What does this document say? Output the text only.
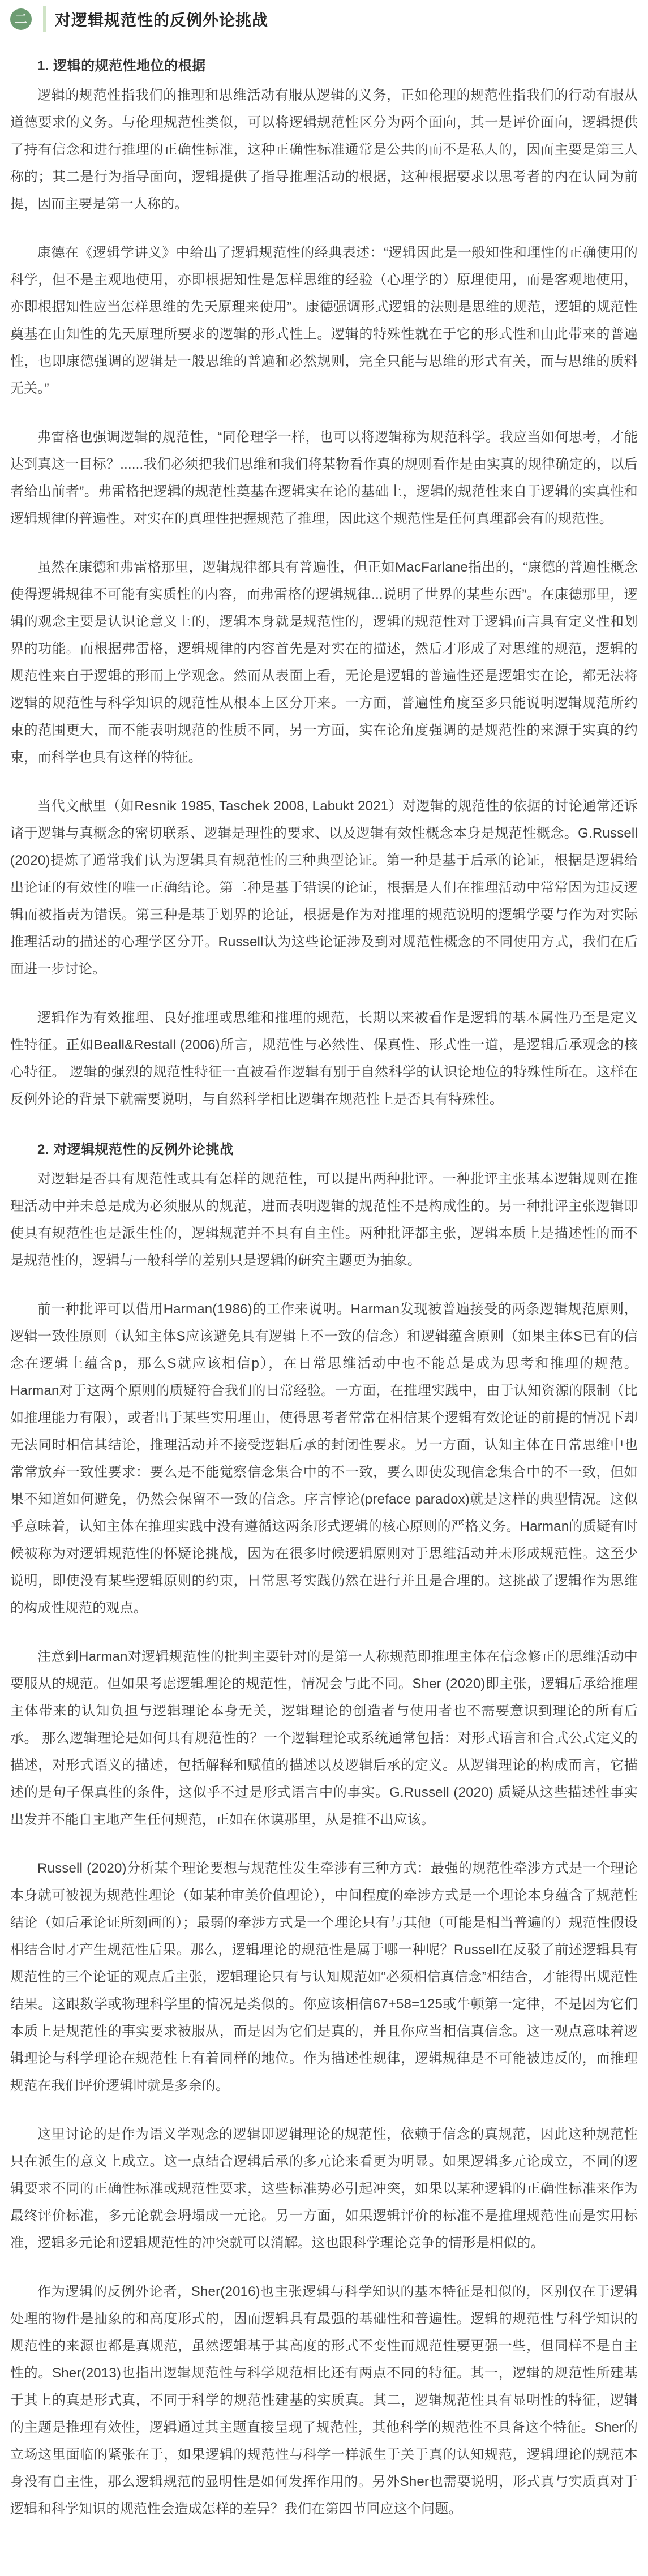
二 对逻辑规范性的反例外论挑战
1. 逻辑的规范性地位的根据

逻辑的规范性指我们的推理和思维活动有服从逻辑的义务，正如伦理的规范性指我们的行动有服从道德要求的义务。与伦理规范性类似，可以将逻辑规范性区分为两个面向，其一是评价面向，逻辑提供了持有信念和进行推理的正确性标准，这种正确性标准通常是公共的而不是私人的，因而主要是第三人称的；其二是行为指导面向，逻辑提供了指导推理活动的根据，这种根据要求以思考者的内在认同为前提，因而主要是第一人称的。

康德在《逻辑学讲义》中给出了逻辑规范性的经典表述：“逻辑因此是一般知性和理性的正确使用的科学，但不是主观地使用，亦即根据知性是怎样思维的经验（心理学的）原理使用，而是客观地使用，亦即根据知性应当怎样思维的先天原理来使用”。康德强调形式逻辑的法则是思维的规范，逻辑的规范性奠基在由知性的先天原理所要求的逻辑的形式性上。逻辑的特殊性就在于它的形式性和由此带来的普遍性，也即康德强调的逻辑是一般思维的普遍和必然规则，完全只能与思维的形式有关，而与思维的质料无关。”

弗雷格也强调逻辑的规范性，“同伦理学一样，也可以将逻辑称为规范科学。我应当如何思考，才能达到真这一目标？......我们必须把我们思维和我们将某物看作真的规则看作是由实真的规律确定的，以后者给出前者”。弗雷格把逻辑的规范性奠基在逻辑实在论的基础上，逻辑的规范性来自于逻辑的实真性和逻辑规律的普遍性。对实在的真理性把握规范了推理，因此这个规范性是任何真理都会有的规范性。

虽然在康德和弗雷格那里，逻辑规律都具有普遍性，但正如MacFarlane指出的，“康德的普遍性概念使得逻辑规律不可能有实质性的内容，而弗雷格的逻辑规律...说明了世界的某些东西”。在康德那里，逻辑的观念主要是认识论意义上的，逻辑本身就是规范性的，逻辑的规范性对于逻辑而言具有定义性和划界的功能。而根据弗雷格，逻辑规律的内容首先是对实在的描述，然后才形成了对思维的规范，逻辑的规范性来自于逻辑的形而上学观念。然而从表面上看，无论是逻辑的普遍性还是逻辑实在论，都无法将逻辑的规范性与科学知识的规范性从根本上区分开来。一方面，普遍性角度至多只能说明逻辑规范所约束的范围更大，而不能表明规范的性质不同，另一方面，实在论角度强调的是规范性的来源于实真的约束，而科学也具有这样的特征。

当代文献里（如Resnik 1985, Taschek 2008, Labukt 2021）对逻辑的规范性的依据的讨论通常还诉诸于逻辑与真概念的密切联系、逻辑是理性的要求、以及逻辑有效性概念本身是规范性概念。G.Russell (2020)提炼了通常我们认为逻辑具有规范性的三种典型论证。第一种是基于后承的论证，根据是逻辑给出论证的有效性的唯一正确结论。第二种是基于错误的论证，根据是人们在推理活动中常常因为违反逻辑而被指责为错误。第三种是基于划界的论证，根据是作为对推理的规范说明的逻辑学要与作为对实际推理活动的描述的心理学区分开。Russell认为这些论证涉及到对规范性概念的不同使用方式，我们在后面进一步讨论。

逻辑作为有效推理、良好推理或思维和推理的规范，长期以来被看作是逻辑的基本属性乃至是定义性特征。正如Beall&Restall (2006)所言，规范性与必然性、保真性、形式性一道，是逻辑后承观念的核心特征。 逻辑的强烈的规范性特征一直被看作逻辑有别于自然科学的认识论地位的特殊性所在。这样在反例外论的背景下就需要说明，与自然科学相比逻辑在规范性上是否具有特殊性。

2. 对逻辑规范性的反例外论挑战

对逻辑是否具有规范性或具有怎样的规范性，可以提出两种批评。一种批评主张基本逻辑规则在推理活动中并未总是成为必须服从的规范，进而表明逻辑的规范性不是构成性的。另一种批评主张逻辑即使具有规范性也是派生性的，逻辑规范并不具有自主性。两种批评都主张，逻辑本质上是描述性的而不是规范性的，逻辑与一般科学的差别只是逻辑的研究主题更为抽象。

前一种批评可以借用Harman(1986)的工作来说明。Harman发现被普遍接受的两条逻辑规范原则，逻辑一致性原则（认知主体S应该避免具有逻辑上不一致的信念）和逻辑蕴含原则（如果主体S已有的信念在逻辑上蕴含p，那么S就应该相信p），在日常思维活动中也不能总是成为思考和推理的规范。Harman对于这两个原则的质疑符合我们的日常经验。一方面，在推理实践中，由于认知资源的限制（比如推理能力有限），或者出于某些实用理由，使得思考者常常在相信某个逻辑有效论证的前提的情况下却无法同时相信其结论，推理活动并不接受逻辑后承的封闭性要求。另一方面，认知主体在日常思维中也常常放弃一致性要求：要么是不能觉察信念集合中的不一致，要么即使发现信念集合中的不一致，但如果不知道如何避免，仍然会保留不一致的信念。序言悖论(preface paradox)就是这样的典型情况。这似乎意味着，认知主体在推理实践中没有遵循这两条形式逻辑的核心原则的严格义务。Harman的质疑有时候被称为对逻辑规范性的怀疑论挑战，因为在很多时候逻辑原则对于思维活动并未形成规范性。这至少说明，即使没有某些逻辑原则的约束，日常思考实践仍然在进行并且是合理的。这挑战了逻辑作为思维的构成性规范的观点。

注意到Harman对逻辑规范性的批判主要针对的是第一人称规范即推理主体在信念修正的思维活动中要服从的规范。但如果考虑逻辑理论的规范性，情况会与此不同。Sher (2020)即主张，逻辑后承给推理主体带来的认知负担与逻辑理论本身无关，逻辑理论的创造者与使用者也不需要意识到理论的所有后承。 那么逻辑理论是如何具有规范性的？一个逻辑理论或系统通常包括：对形式语言和合式公式定义的描述，对形式语义的描述，包括解释和赋值的描述以及逻辑后承的定义。从逻辑理论的构成而言，它描述的是句子保真性的条件，这似乎不过是形式语言中的事实。G.Russell (2020) 质疑从这些描述性事实出发并不能自主地产生任何规范，正如在休谟那里，从是推不出应该。

Russell (2020)分析某个理论要想与规范性发生牵涉有三种方式：最强的规范性牵涉方式是一个理论本身就可被视为规范性理论（如某种审美价值理论），中间程度的牵涉方式是一个理论本身蕴含了规范性结论（如后承论证所刻画的）；最弱的牵涉方式是一个理论只有与其他（可能是相当普遍的）规范性假设相结合时才产生规范性后果。那么，逻辑理论的规范性是属于哪一种呢？Russell在反驳了前述逻辑具有规范性的三个论证的观点后主张，逻辑理论只有与认知规范如“必须相信真信念”相结合，才能得出规范性结果。这跟数学或物理科学里的情况是类似的。你应该相信67+58=125或牛顿第一定律，不是因为它们本质上是规范性的事实要求被服从，而是因为它们是真的，并且你应当相信真信念。这一观点意味着逻辑理论与科学理论在规范性上有着同样的地位。作为描述性规律，逻辑规律是不可能被违反的，而推理规范在我们评价逻辑时就是多余的。

这里讨论的是作为语义学观念的逻辑即逻辑理论的规范性，依赖于信念的真规范，因此这种规范性只在派生的意义上成立。这一点结合逻辑后承的多元论来看更为明显。如果逻辑多元论成立，不同的逻辑要求不同的正确性标准或规范性要求，这些标准势必引起冲突，如果以某种逻辑的正确性标准来作为最终评价标准，多元论就会坍塌成一元论。另一方面，如果逻辑评价的标准不是推理规范性而是实用标准，逻辑多元论和逻辑规范性的冲突就可以消解。这也跟科学理论竞争的情形是相似的。

作为逻辑的反例外论者，Sher(2016)也主张逻辑与科学知识的基本特征是相似的，区别仅在于逻辑处理的物件是抽象的和高度形式的，因而逻辑具有最强的基础性和普遍性。逻辑的规范性与科学知识的规范性的来源也都是真规范，虽然逻辑基于其高度的形式不变性而规范性要更强一些，但同样不是自主性的。Sher(2013)也指出逻辑规范性与科学规范相比还有两点不同的特征。其一，逻辑的规范性所建基于其上的真是形式真，不同于科学的规范性建基的实质真。其二，逻辑规范性具有显明性的特征，逻辑的主题是推理有效性，逻辑通过其主题直接呈现了规范性，其他科学的规范性不具备这个特征。Sher的立场这里面临的紧张在于，如果逻辑的规范性与科学一样派生于关于真的认知规范，逻辑理论的规范本身没有自主性，那么逻辑规范的显明性是如何发挥作用的。另外Sher也需要说明，形式真与实质真对于逻辑和科学知识的规范性会造成怎样的差异？我们在第四节回应这个问题。
